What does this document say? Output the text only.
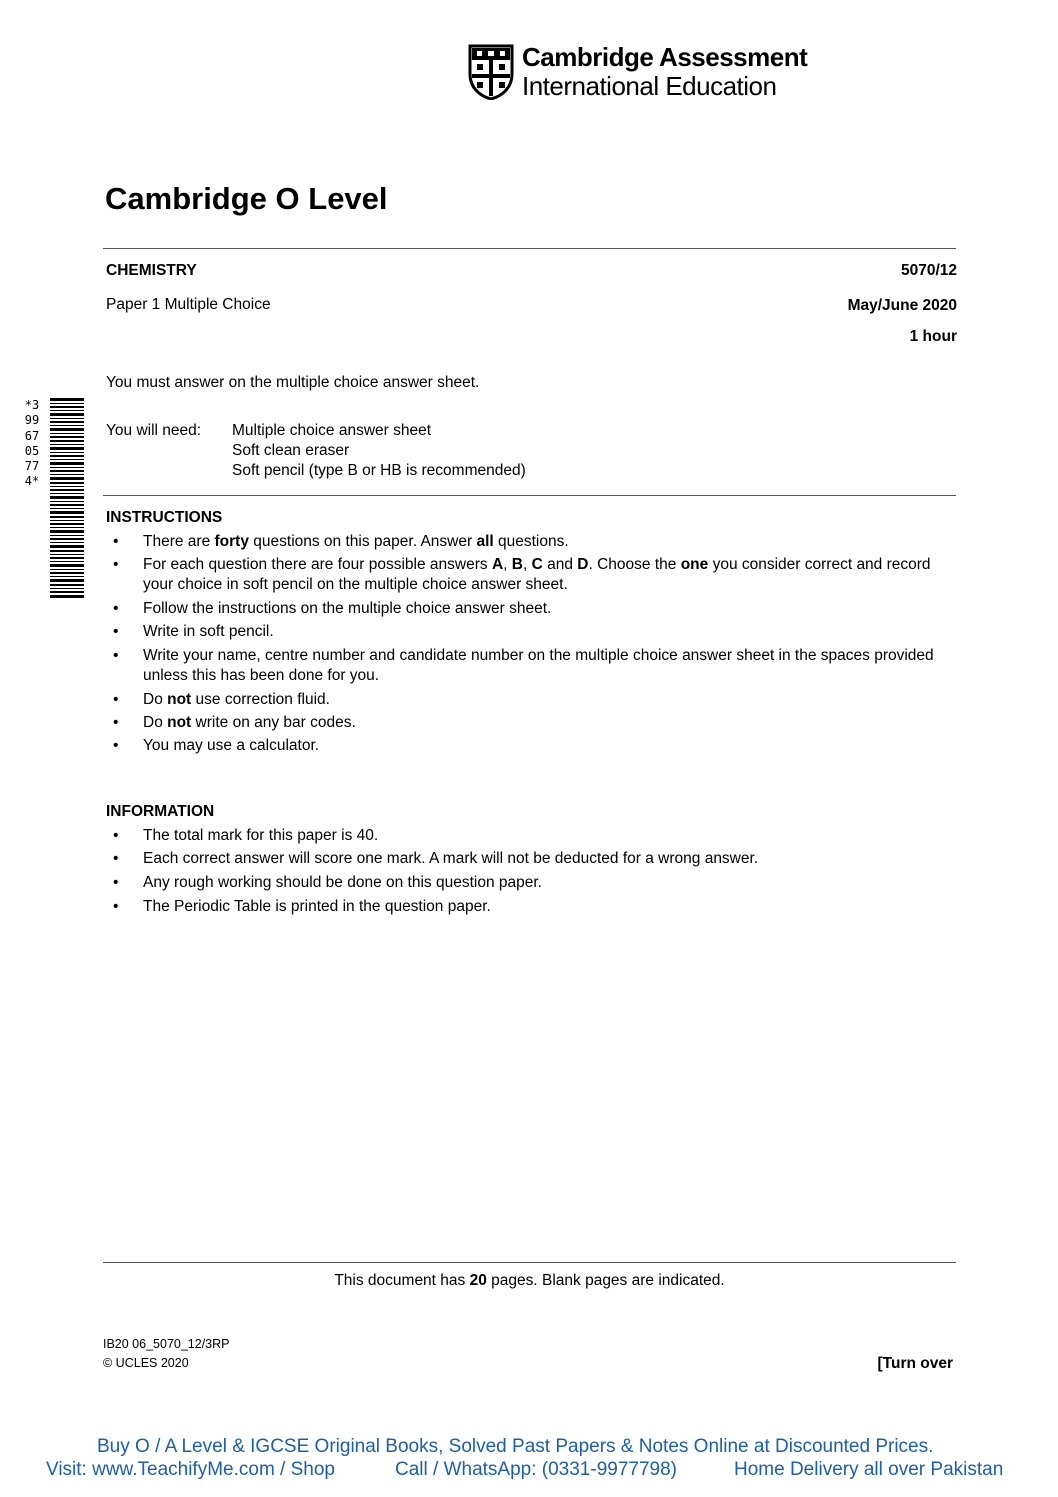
Cambridge Assessment
International Education
Cambridge O Level
CHEMISTRY	5070/12
Paper 1 Multiple Choice	May/June 2020
1 hour
You must answer on the multiple choice answer sheet.
*3996705774*
You will need: Multiple choice answer sheet
Soft clean eraser
Soft pencil (type B or HB is recommended)
INSTRUCTIONS
• There are forty questions on this paper. Answer all questions.
• For each question there are four possible answers A, B, C and D. Choose the one you consider correct and record your choice in soft pencil on the multiple choice answer sheet.
• Follow the instructions on the multiple choice answer sheet.
• Write in soft pencil.
• Write your name, centre number and candidate number on the multiple choice answer sheet in the spaces provided unless this has been done for you.
• Do not use correction fluid.
• Do not write on any bar codes.
• You may use a calculator.
INFORMATION
• The total mark for this paper is 40.
• Each correct answer will score one mark. A mark will not be deducted for a wrong answer.
• Any rough working should be done on this question paper.
• The Periodic Table is printed in the question paper.
This document has 20 pages. Blank pages are indicated.
IB20 06_5070_12/3RP
© UCLES 2020	[Turn over
Buy O / A Level & IGCSE Original Books, Solved Past Papers & Notes Online at Discounted Prices.
Visit: www.TeachifyMe.com / Shop	Call / WhatsApp: (0331-9977798)	Home Delivery all over Pakistan
